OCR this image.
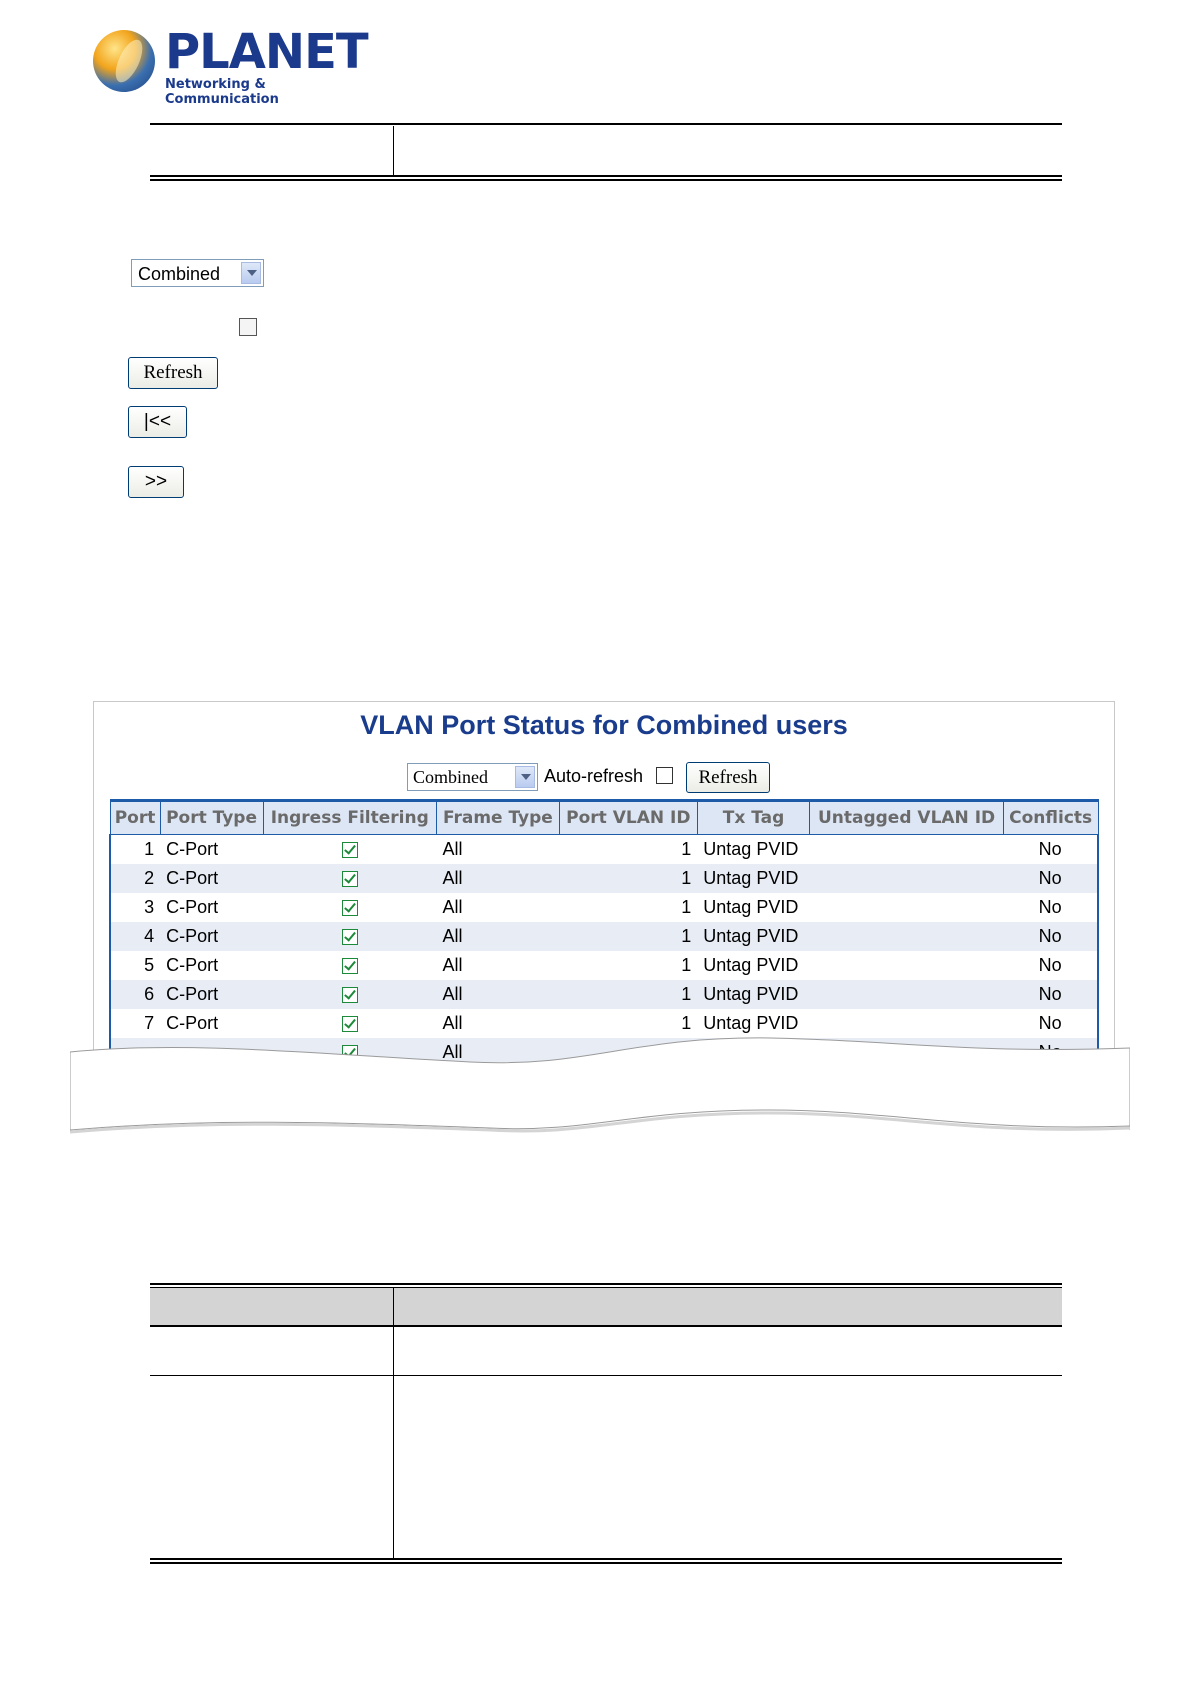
PLANET
Networking & Communication
Combined
Refresh
|<<
>>
VLAN Port Status for Combined users
Combined	Auto-refresh	Refresh
Port	Port Type	Ingress Filtering	Frame Type	Port VLAN ID	Tx Tag	Untagged VLAN ID	Conflicts
1	C-Port		All	1	Untag PVID		No
2	C-Port		All	1	Untag PVID		No
3	C-Port		All	1	Untag PVID		No
4	C-Port		All	1	Untag PVID		No
5	C-Port		All	1	Untag PVID		No
6	C-Port		All	1	Untag PVID		No
7	C-Port		All	1	Untag PVID		No
			All				
